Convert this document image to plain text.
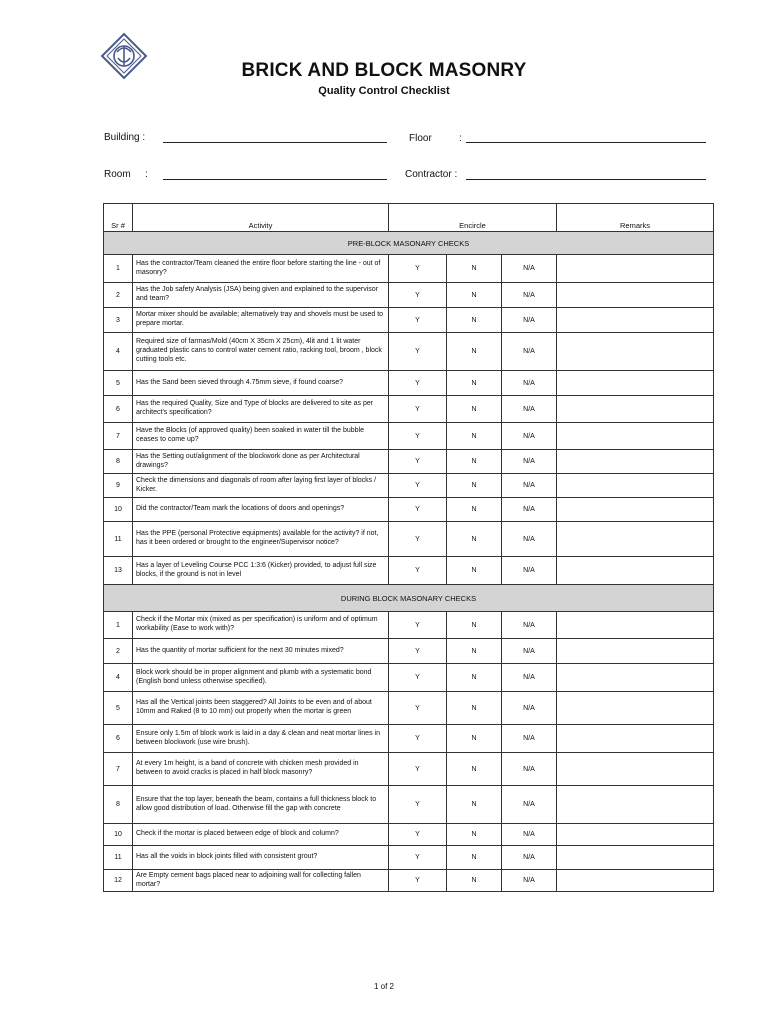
BRICK AND BLOCK MASONRY
Quality Control Checklist
Building :	Floor	:
Room :	Contractor :
Sr #	Activity	Encircle			Remarks
PRE-BLOCK MASONARY CHECKS					
1	Has the contractor/Team cleaned the entire floor before starting the line - out of masonry?	Y	N	N/A	
2	Has the Job safety Analysis (JSA) being given and explained to the supervisor and team?	Y	N	N/A	
3	Mortar mixer should be available; alternatively tray and shovels must be used to prepare mortar.	Y	N	N/A	
4	Required size of farmas/Mold (40cm X 35cm X 25cm), 4lit and 1 lit water graduated plastic cans to control water cement ratio, racking tool, broom , block cutting tools etc.	Y	N	N/A	
5	Has the Sand been sieved through 4.75mm sieve, if found coarse?	Y	N	N/A	
6	Has the required Quality, Size and Type of blocks are delivered to site as per architect's specification?	Y	N	N/A	
7	Have the Blocks (of approved quality) been soaked in water till the bubble ceases to come up?	Y	N	N/A	
8	Has the Setting out/alignment of the blockwork done as per Architectural drawings?	Y	N	N/A	
9	Check the dimensions and diagonals of room after laying first layer of blocks / Kicker.	Y	N	N/A	
10	Did the contractor/Team mark the locations of doors and openings?	Y	N	N/A	
11	Has the PPE (personal Protective equipments) available for the activity? if not, has it been ordered or brought to the engineer/Supervisor notice?	Y	N	N/A	
13	Has a layer of Leveling Course PCC 1:3:6 (Kicker) provided, to adjust full size blocks, if the ground is not in level	Y	N	N/A	
DURING BLOCK MASONARY CHECKS					
1	Check if the Mortar mix (mixed as per specification) is uniform and of optimum workability (Ease to work with)?	Y	N	N/A	
2	Has the quantity of mortar sufficient for the next 30 minutes mixed?	Y	N	N/A	
4	Block work should be in proper alignment and plumb with a systematic bond (English bond unless otherwise specified).	Y	N	N/A	
5	Has all the Vertical joints been staggered? All Joints to be even and of about 10mm and Raked (8 to 10 mm) out properly when the mortar is green	Y	N	N/A	
6	Ensure only 1.5m of block work is laid in a day & clean and neat mortar lines in between blockwork (use wire brush).	Y	N	N/A	
7	At every 1m height, is a band of concrete with chicken mesh provided in between to avoid cracks is placed in half block masonry?	Y	N	N/A	
8	Ensure that the top layer, beneath the beam, contains a full thickness block to allow good distribution of load. Otherwise fill the gap with concrete	Y	N	N/A	
10	Check if the mortar is placed between edge of block and column?	Y	N	N/A	
11	Has all the voids in block joints filled with consistent grout?	Y	N	N/A	
12	Are Empty cement bags placed near to adjoining wall for collecting fallen mortar?	Y	N	N/A	
1 of 2
